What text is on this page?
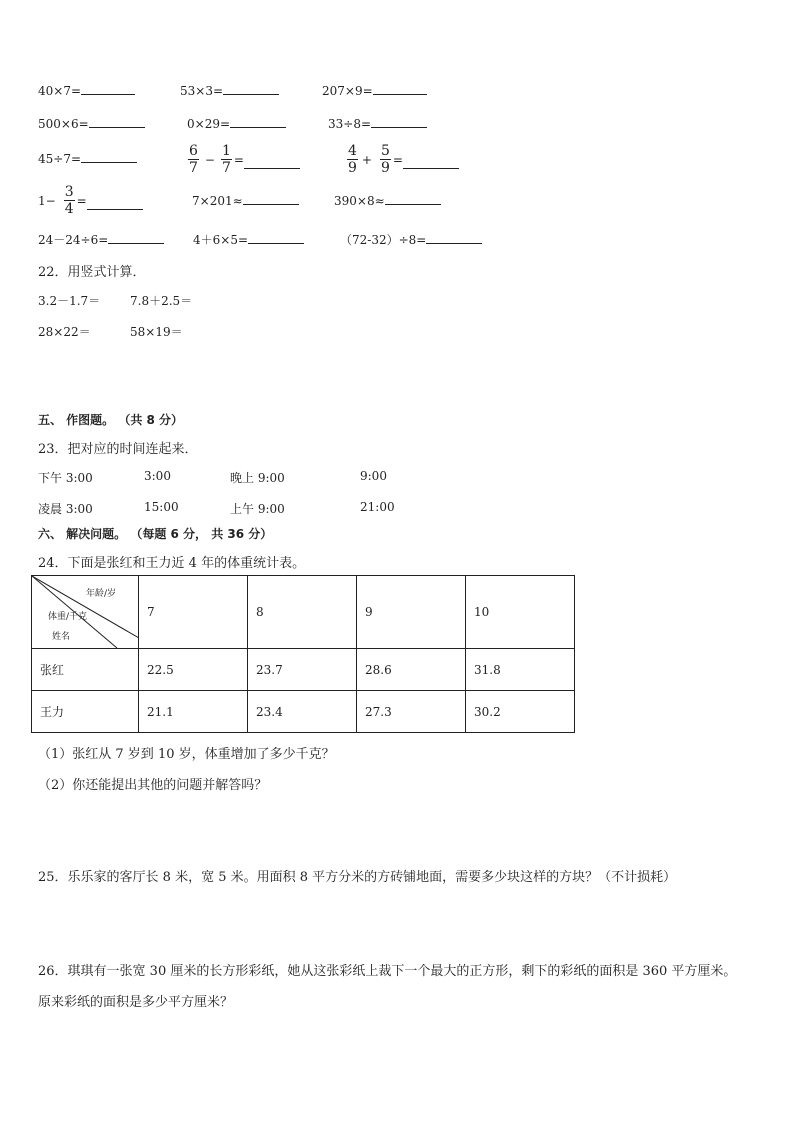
40×7=	53×3=	207×9=
500×6=	0×29=	33÷8=
45÷7=	$\frac{6}{7} - \frac{1}{7}$ =	$\frac{4}{9} + \frac{5}{9}$ =
$1- \frac{3}{4}$ =	7×201≈	390×8≈
24－24÷6=	4＋6×5=	（72-32）÷8=
22．用竖式计算．
3.2－1.7＝ 7.8＋2.5＝
28×22＝	58×19＝
五、 作图题。 （共 8 分）
23．把对应的时间连起来．
下午 3:00	3:00	晚上 9:00	9:00
凌晨 3:00	15:00	上午 9:00	21:00
六、 解决问题。 （每题 6 分， 共 36 分）
24．下面是张红和王力近 4 年的体重统计表。
年龄/岁
体重/千克
姓名	7	8	9	10
张红	22.5	23.7	28.6	31.8
王力	21.1	23.4	27.3	30.2
（1）张红从 7 岁到 10 岁，体重增加了多少千克？
（2）你还能提出其他的问题并解答吗？
25．乐乐家的客厅长 8 米，宽 5 米。用面积 8 平方分米的方砖铺地面，需要多少块这样的方块？（不计损耗）
26．琪琪有一张宽 30 厘米的长方形彩纸，她从这张彩纸上裁下一个最大的正方形，剩下的彩纸的面积是 360 平方厘米。
原来彩纸的面积是多少平方厘米？
